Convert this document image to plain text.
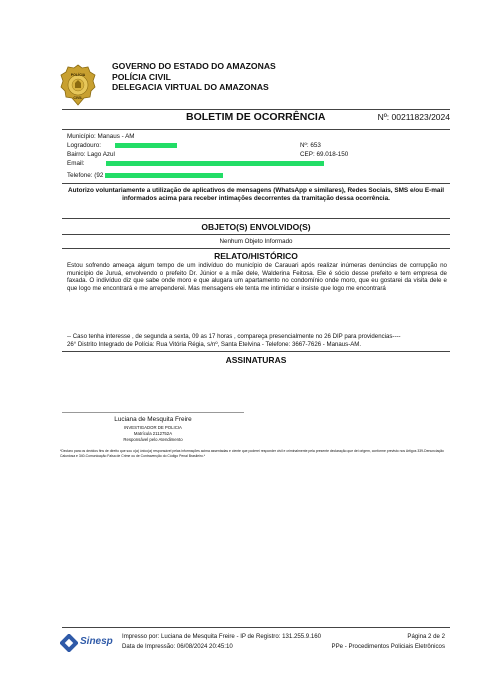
POLÍCIA
CIVIL
GOVERNO DO ESTADO DO AMAZONAS
POLÍCIA CIVIL
DELEGACIA VIRTUAL DO AMAZONAS
BOLETIM DE OCORRÊNCIA	Nº: 00211823/2024
Município: Manaus - AM
Logradouro:	Nº: 653
Bairro: Lago Azul	CEP: 69.018-150
Email:
Telefone: (92
Autorizo voluntariamente a utilização de aplicativos de mensagens (WhatsApp e similares), Redes Sociais, SMS e/ou E-mail informados acima para receber intimações decorrentes da tramitação dessa ocorrência.
OBJETO(S) ENVOLVIDO(S)
Nenhum Objeto Informado
RELATO/HISTÓRICO
Estou sofrendo ameaça algum tempo de um indivíduo do município de Carauari após realizar inúmeras denúncias de corrupção no município de Juruá, envolvendo o prefeito Dr. Júnior e a mãe dele, Walderina Feitosa. Ele é sócio desse prefeito e tem empresa de faxada. O indivíduo diz que sabe onde moro e que alugara um apartamento no condomínio onde moro, que eu gostarei da visita dele e que logo me encontrará e me arrependerei. Mas mensagens ele tenta me intimidar e insiste que logo me encontrará
-- Caso tenha interesse , de segunda a sexta, 09 as 17 horas , compareça presencialmente no 26 DIP para providencias----
26° Distrito Integrado de Polícia: Rua Vitória Régia, s/nº, Santa Etelvina - Telefone: 3667-7626 - Manaus-AM.
ASSINATURAS
Luciana de Mesquita Freire
INVESTIGADOR DE POLICIA
Matrícula 2112752A
Responsável pelo Atendimento
*Declaro para os devidos fins de direito que sou o(a) único(a) responsável pelas informações acima assentadas e ciente que poderei responder civil e criminalmente pela presente declaração que dei origem, conforme previsto nos Artigos 339-Denunciação Caluniosa e 340-Comunicação Falsa de Crime ou de Contravenção do Código Penal Brasileiro.*
Sinesp Impresso por: Luciana de Mesquita Freire - IP de Registro: 131.255.9.160
Data de Impressão: 06/08/2024 20:45:10
Página 2 de 2
PPe - Procedimentos Policiais Eletrônicos
